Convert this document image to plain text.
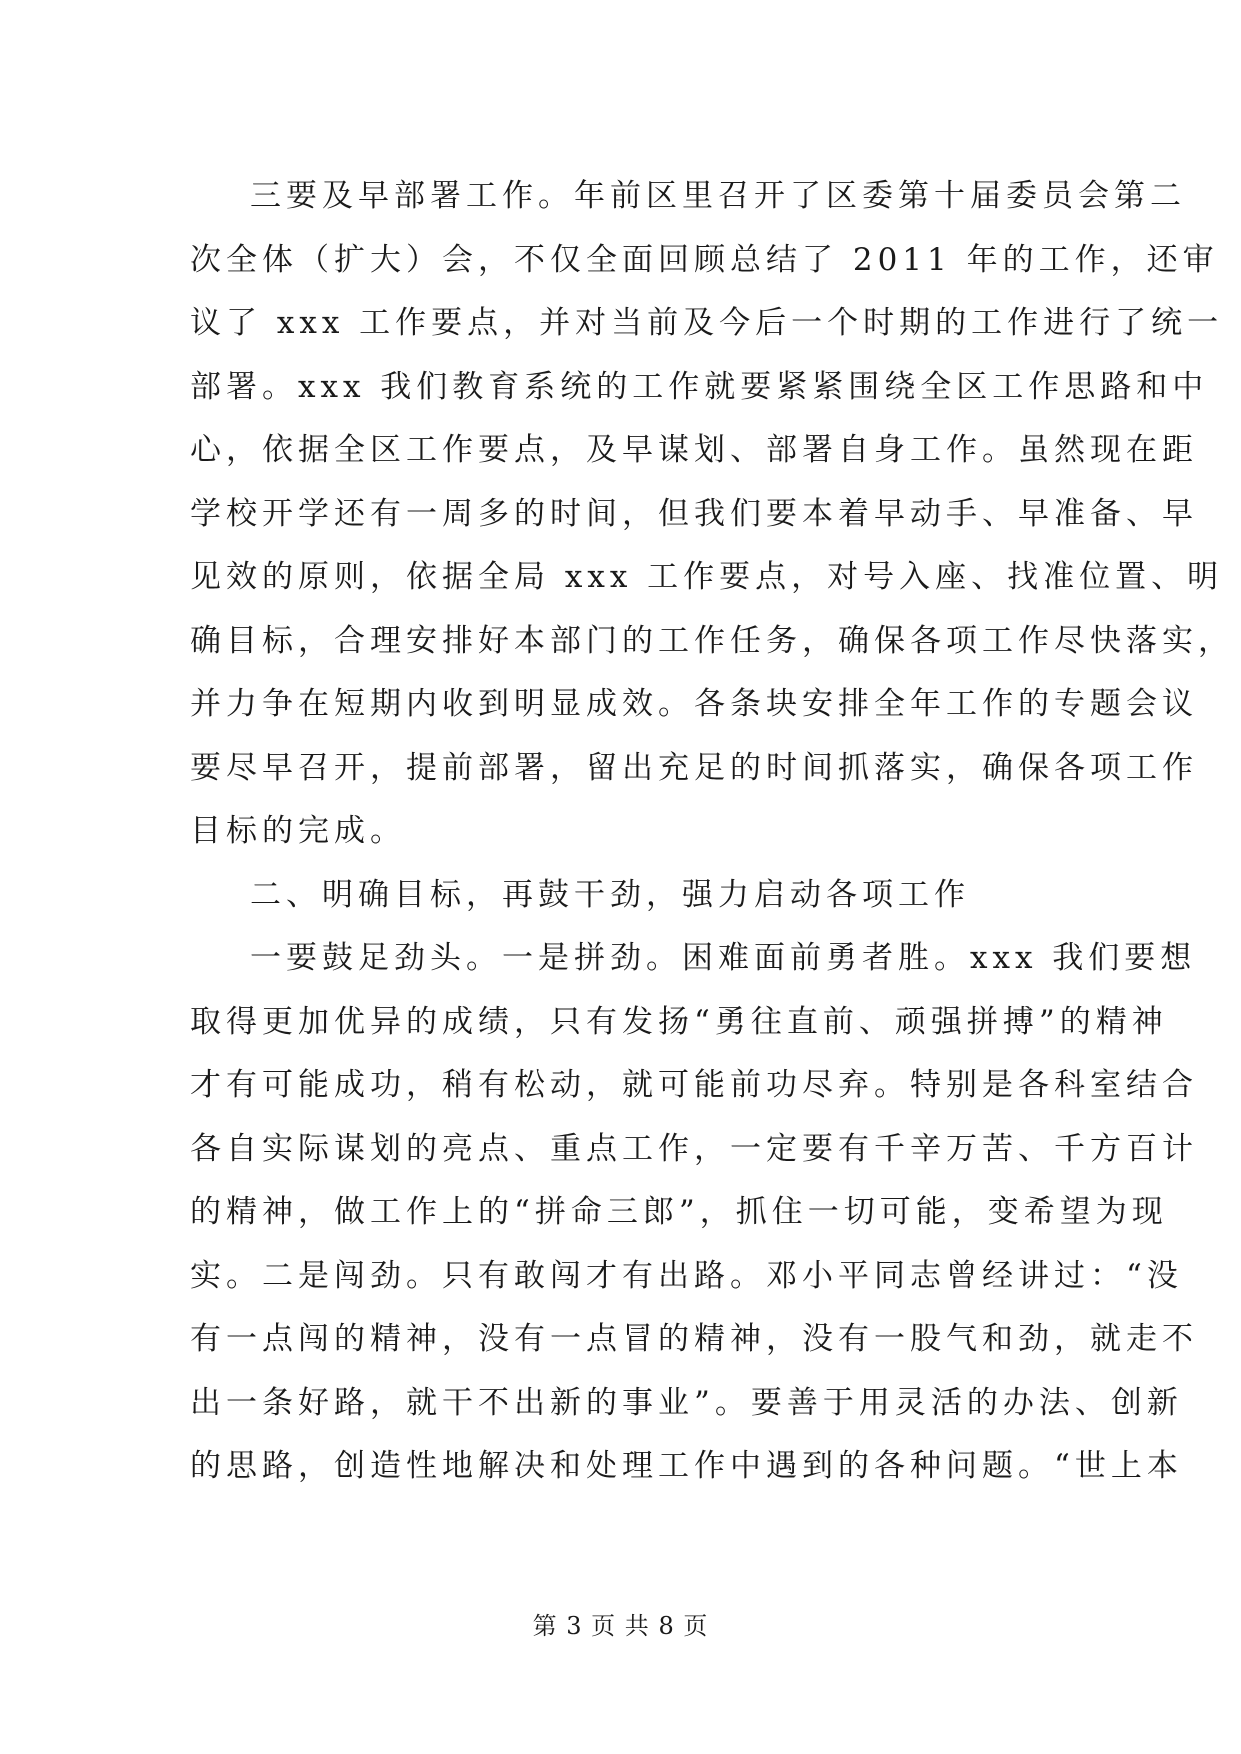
三要及早部署工作。年前区里召开了区委第十届委员会第二
次全体（扩大）会，不仅全面回顾总结了 2011 年的工作，还审
议了 xxx 工作要点，并对当前及今后一个时期的工作进行了统一
部署。xxx 我们教育系统的工作就要紧紧围绕全区工作思路和中
心，依据全区工作要点，及早谋划、部署自身工作。虽然现在距
学校开学还有一周多的时间，但我们要本着早动手、早准备、早
见效的原则，依据全局 xxx 工作要点，对号入座、找准位置、明
确目标，合理安排好本部门的工作任务，确保各项工作尽快落实，
并力争在短期内收到明显成效。各条块安排全年工作的专题会议
要尽早召开，提前部署，留出充足的时间抓落实，确保各项工作
目标的完成。
二、明确目标，再鼓干劲，强力启动各项工作
一要鼓足劲头。一是拼劲。困难面前勇者胜。xxx 我们要想
取得更加优异的成绩，只有发扬“勇往直前、顽强拼搏”的精神
才有可能成功，稍有松动，就可能前功尽弃。特别是各科室结合
各自实际谋划的亮点、重点工作，一定要有千辛万苦、千方百计
的精神，做工作上的“拼命三郎”，抓住一切可能，变希望为现
实。二是闯劲。只有敢闯才有出路。邓小平同志曾经讲过：“没
有一点闯的精神，没有一点冒的精神，没有一股气和劲，就走不
出一条好路，就干不出新的事业”。要善于用灵活的办法、创新
的思路，创造性地解决和处理工作中遇到的各种问题。“世上本
第 3 页 共 8 页
